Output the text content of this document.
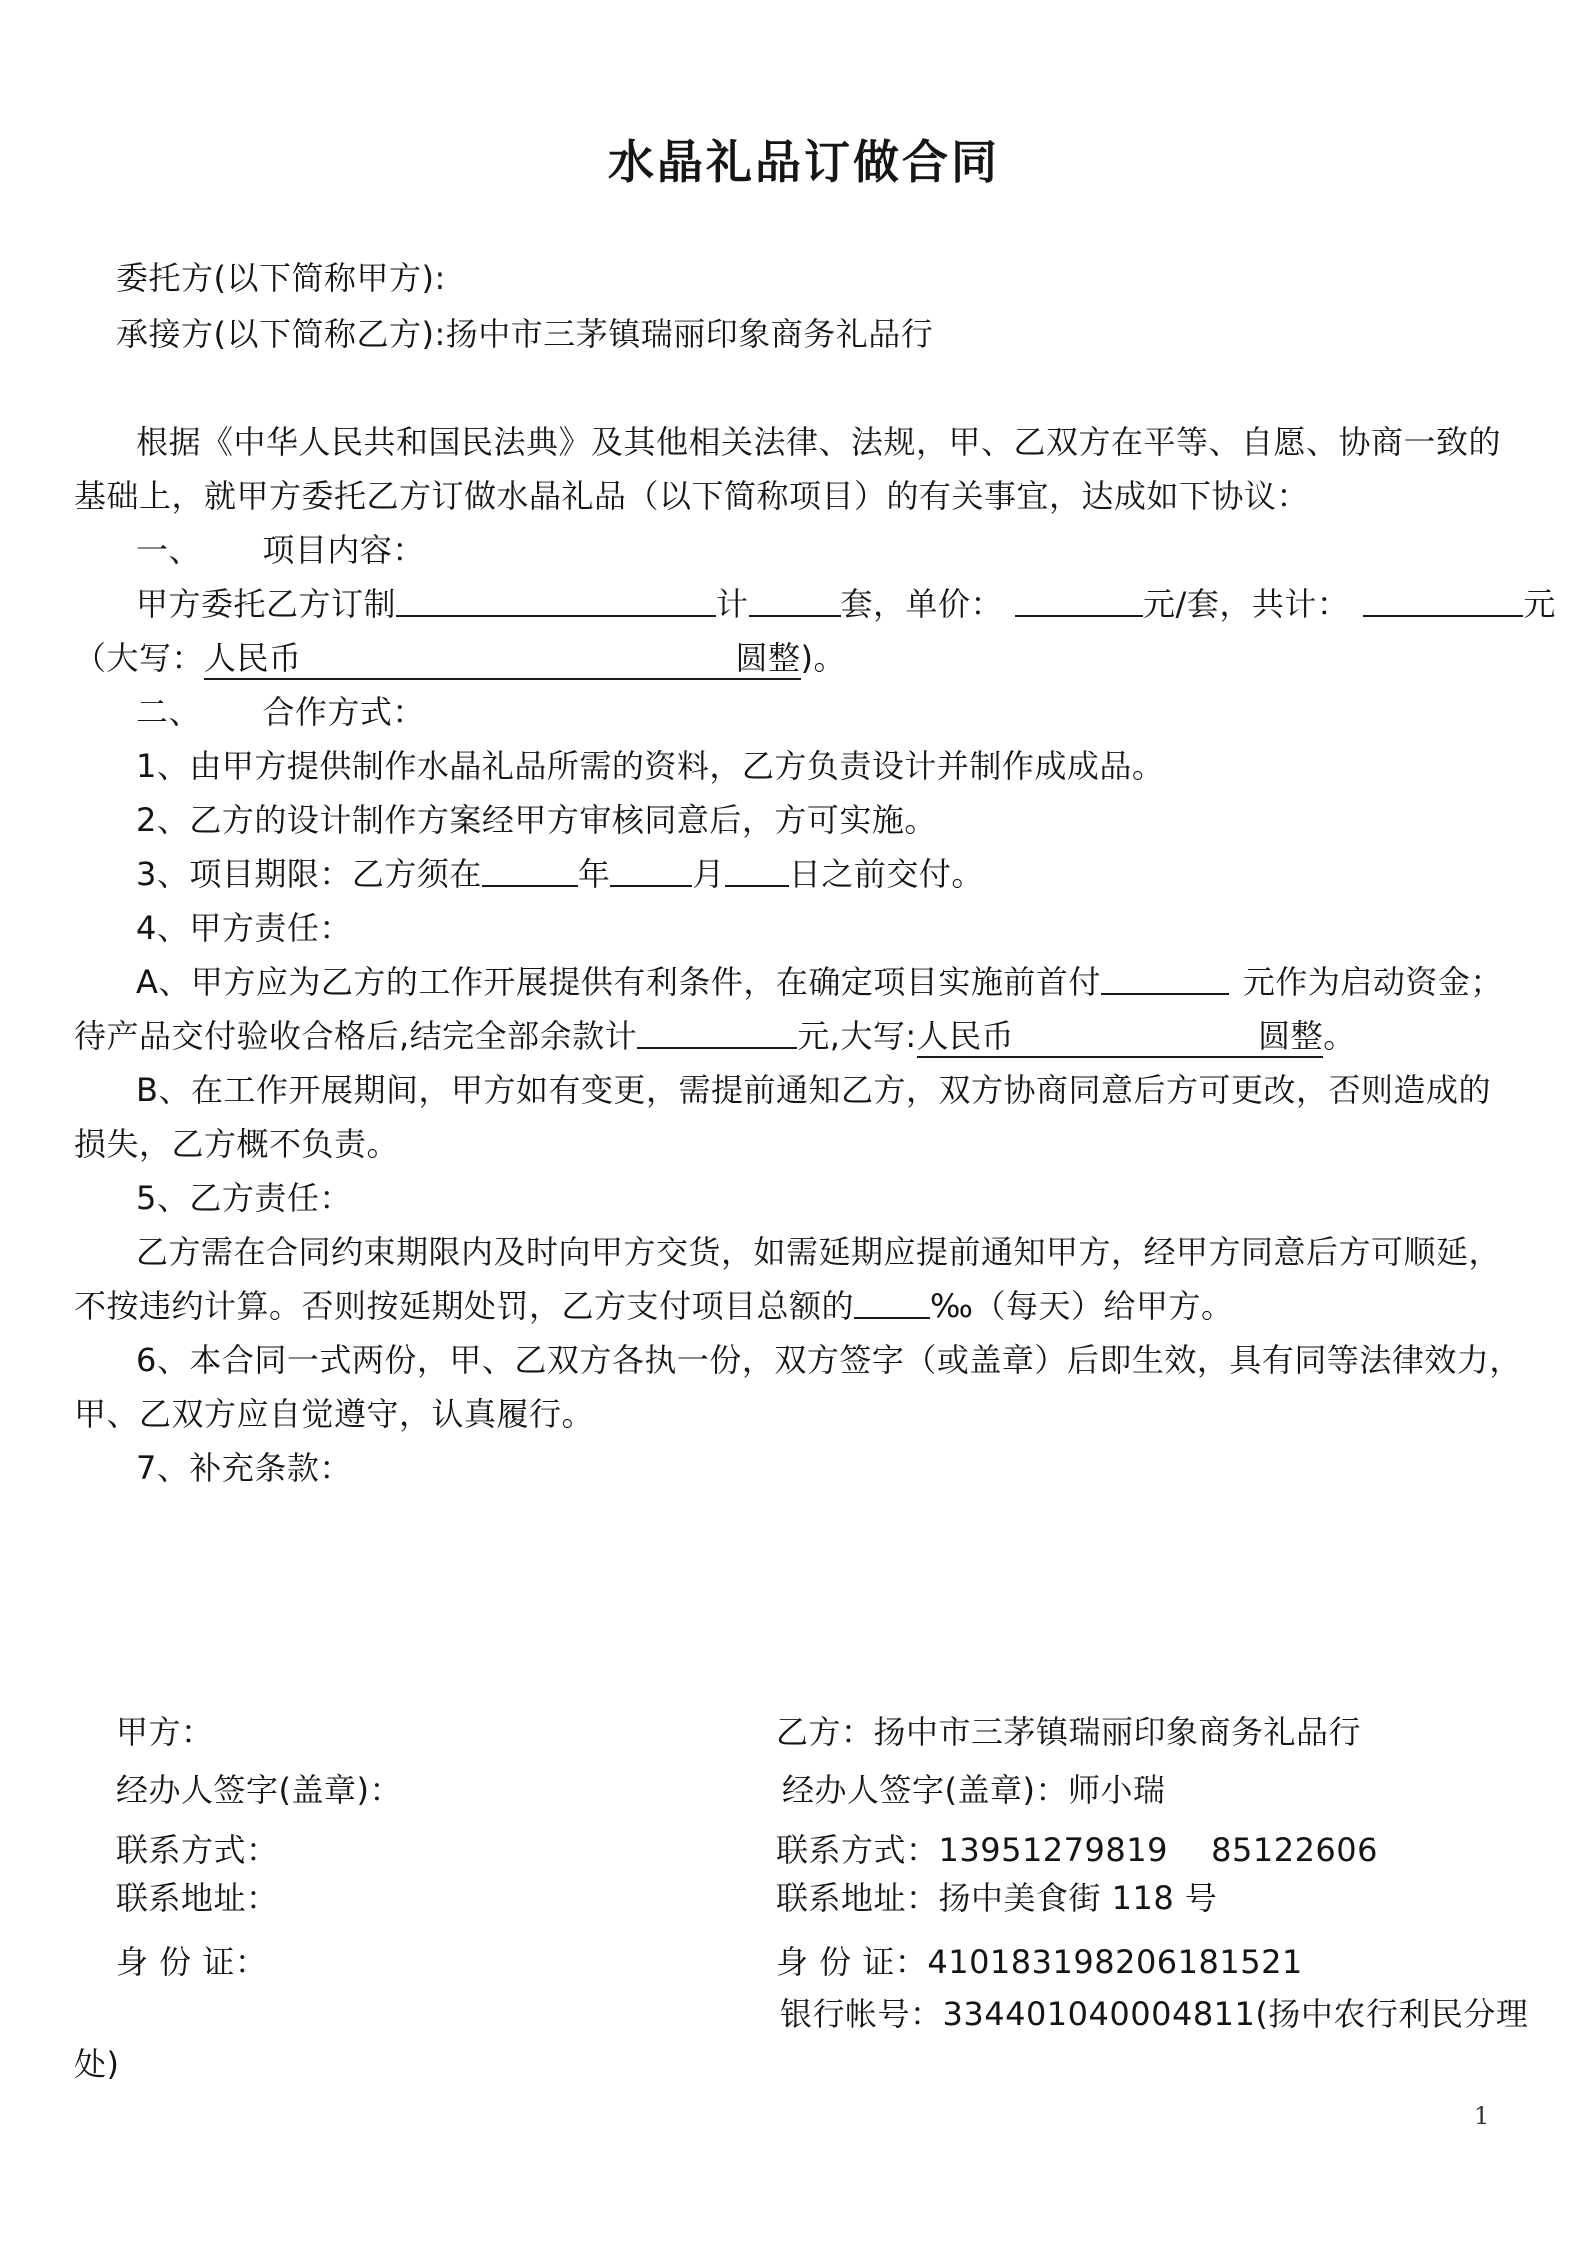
水晶礼品订做合同
委托方(以下简称甲方):
承接方(以下简称乙方):扬中市三茅镇瑞丽印象商务礼品行
根据《中华人民共和国民法典》及其他相关法律、法规，甲、乙双方在平等、自愿、协商一致的
基础上，就甲方委托乙方订做水晶礼品（以下简称项目）的有关事宜，达成如下协议：
一、 项目内容：
甲方委托乙方订制	计	套，单价：	元/套，共计：	元
（大写：人民币	圆整)。
二、 合作方式：
1、由甲方提供制作水晶礼品所需的资料，乙方负责设计并制作成成品。
2、乙方的设计制作方案经甲方审核同意后，方可实施。
3、项目期限：乙方须在	年	月 日之前交付。
4、甲方责任：
A、甲方应为乙方的工作开展提供有利条件，在确定项目实施前首付	元作为启动资金；
待产品交付验收合格后,结完全部余款计	元,大写:人民币	圆整。
B、在工作开展期间，甲方如有变更，需提前通知乙方，双方协商同意后方可更改，否则造成的
损失，乙方概不负责。
5、乙方责任：
乙方需在合同约束期限内及时向甲方交货，如需延期应提前通知甲方，经甲方同意后方可顺延，
不按违约计算。否则按延期处罚，乙方支付项目总额的 ‰（每天）给甲方。
6、本合同一式两份，甲、乙双方各执一份，双方签字（或盖章）后即生效，具有同等法律效力，
甲、乙双方应自觉遵守，认真履行。
7、补充条款：
甲方：
经办人签字(盖章)：
联系方式：
联系地址：
身 份 证：
乙方：扬中市三茅镇瑞丽印象商务礼品行
经办人签字(盖章)：师小瑞
联系方式：13951279819　 85122606
联系地址：扬中美食街 118 号
身 份 证：410183198206181521
银行帐号：334401040004811(扬中农行利民分理
处)
1
